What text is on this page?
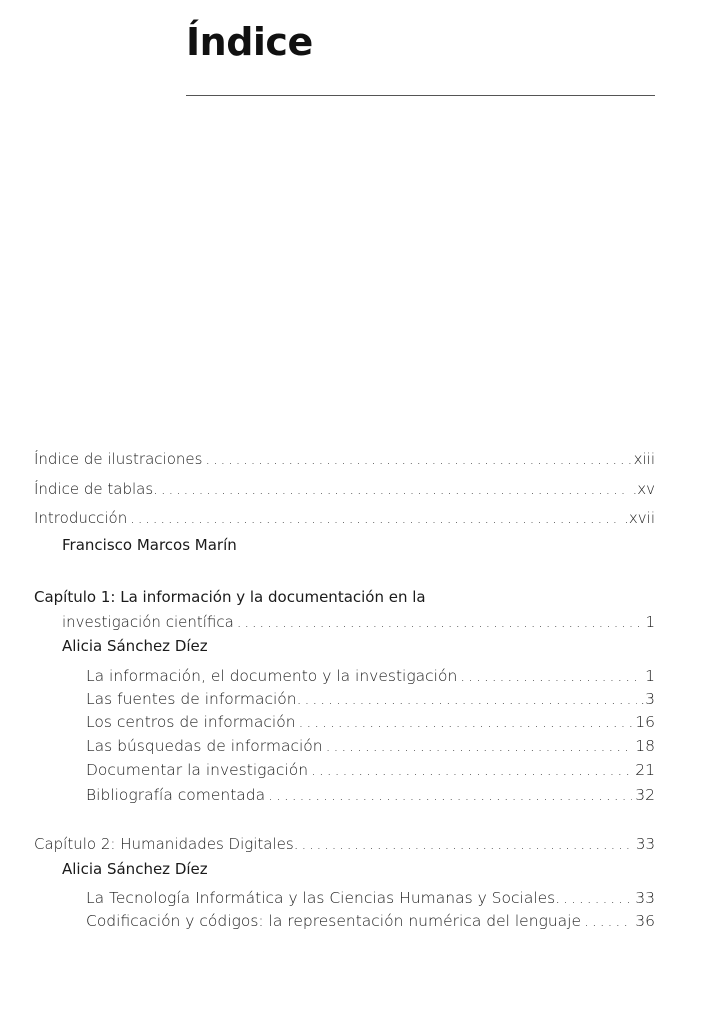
Índice
Índice de ilustraciones . . .	xiii
Índice de tablas. . . .	.xv
Introducción . . .	.xvii
Francisco Marcos Marín
Capítulo 1: La información y la documentación en la
investigación científica . . .	1
Alicia Sánchez Díez
La información, el documento y la investigación . . .	1
Las fuentes de información. . . .	.3
Los centros de información . . .	16
Las búsquedas de información . . .	18
Documentar la investigación . . .	21
Bibliografía comentada . . .	32
Capítulo 2: Humanidades Digitales. . . .	33
Alicia Sánchez Díez
La Tecnología Informática y las Ciencias Humanas y Sociales. . . .	33
Codificación y códigos: la representación numérica del lenguaje . . .	36
